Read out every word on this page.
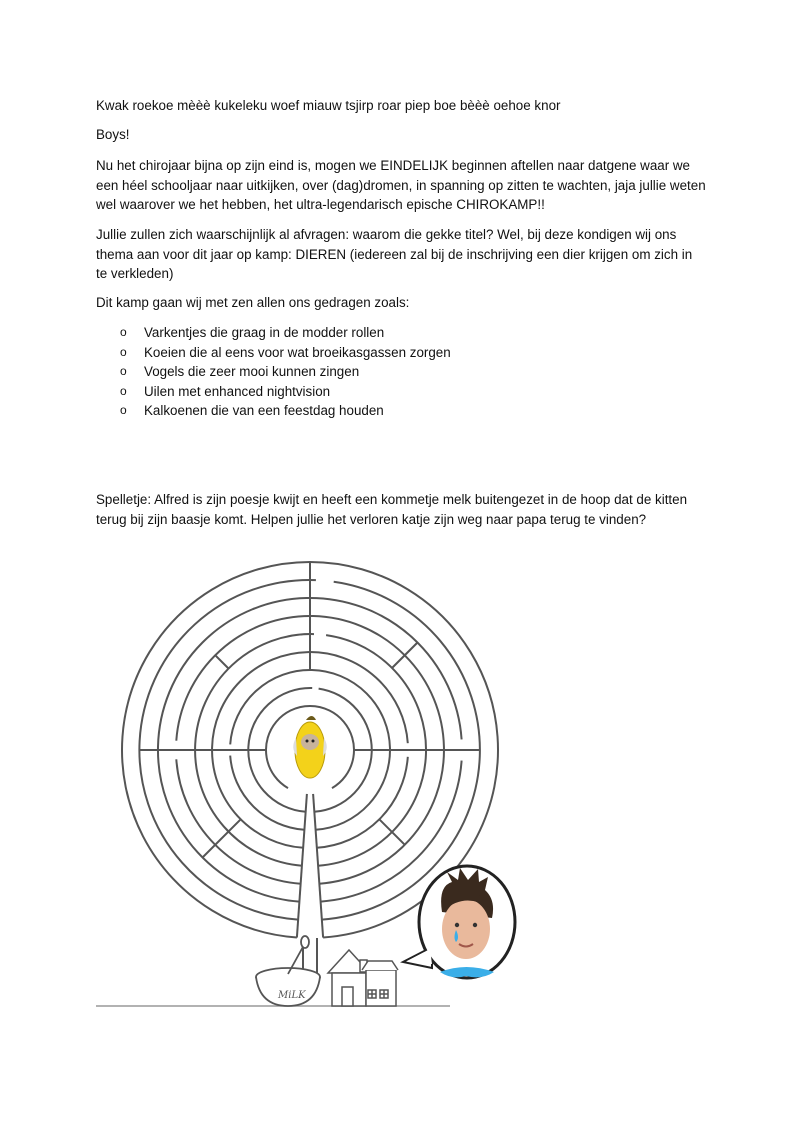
Kwak roekoe mèèè kukeleku woef miauw tsjirp roar piep boe bèèè oehoe knor

Boys!

Nu het chirojaar bijna op zijn eind is, mogen we EINDELIJK beginnen aftellen naar datgene waar we een héel schooljaar naar uitkijken, over (dag)dromen, in spanning op zitten te wachten, jaja jullie weten wel waarover we het hebben, het ultra-legendarisch epische CHIROKAMP!!

Jullie zullen zich waarschijnlijk al afvragen: waarom die gekke titel? Wel, bij deze kondigen wij ons thema aan voor dit jaar op kamp: DIEREN (iedereen zal bij de inschrijving een dier krijgen om zich in te verkleden)

Dit kamp gaan wij met zen allen ons gedragen zoals:

o Varkentjes die graag in de modder rollen
o Koeien die al eens voor wat broeikasgassen zorgen
o Vogels die zeer mooi kunnen zingen
o Uilen met enhanced nightvision
o Kalkoenen die van een feestdag houden

Spelletje: Alfred is zijn poesje kwijt en heeft een kommetje melk buitengezet in de hoop dat de kitten terug bij zijn baasje komt. Helpen jullie het verloren katje zijn weg naar papa terug te vinden?

MiLK
